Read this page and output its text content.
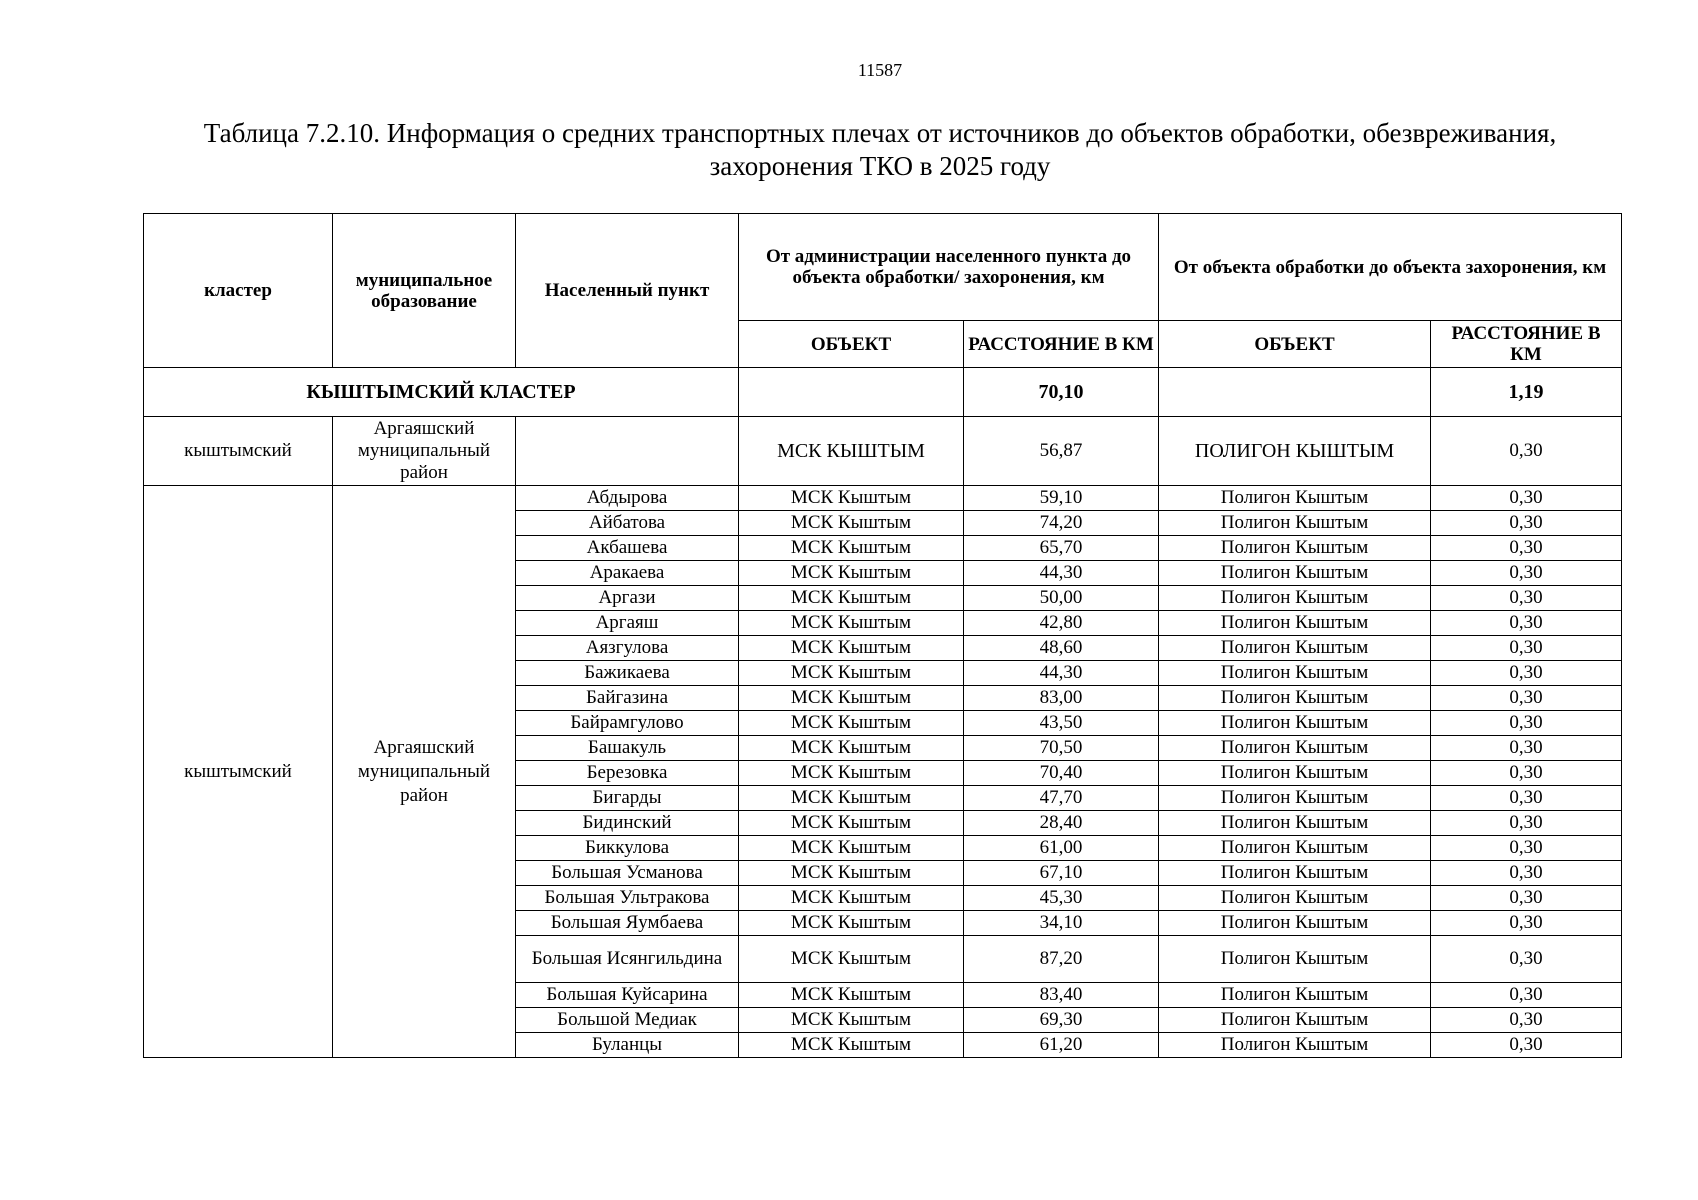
11587
Таблица 7.2.10. Информация о средних транспортных плечах от источников до объектов обработки, обезвреживания,
захоронения ТКО в 2025 году
кластер	муниципальное образование	Населенный пункт	От администрации населенного пункта до объекта обработки/ захоронения, км		От объекта обработки до объекта захоронения, км	
			ОБЪЕКТ	РАССТОЯНИЕ В КМ	ОБЪЕКТ	РАССТОЯНИЕ В КМ
КЫШТЫМСКИЙ КЛАСТЕР				70,10		1,19
кыштымский	Аргаяшский муниципальный район		МСК КЫШТЫМ	56,87	ПОЛИГОН КЫШТЫМ	0,30
кыштымский	Аргаяшский муниципальный район	Абдырова	МСК Кыштым	59,10	Полигон Кыштым	0,30
		Айбатова	МСК Кыштым	74,20	Полигон Кыштым	0,30
		Акбашева	МСК Кыштым	65,70	Полигон Кыштым	0,30
		Аракаева	МСК Кыштым	44,30	Полигон Кыштым	0,30
		Аргази	МСК Кыштым	50,00	Полигон Кыштым	0,30
		Аргаяш	МСК Кыштым	42,80	Полигон Кыштым	0,30
		Аязгулова	МСК Кыштым	48,60	Полигон Кыштым	0,30
		Бажикаева	МСК Кыштым	44,30	Полигон Кыштым	0,30
		Байгазина	МСК Кыштым	83,00	Полигон Кыштым	0,30
		Байрамгулово	МСК Кыштым	43,50	Полигон Кыштым	0,30
		Башакуль	МСК Кыштым	70,50	Полигон Кыштым	0,30
		Березовка	МСК Кыштым	70,40	Полигон Кыштым	0,30
		Бигарды	МСК Кыштым	47,70	Полигон Кыштым	0,30
		Бидинский	МСК Кыштым	28,40	Полигон Кыштым	0,30
		Биккулова	МСК Кыштым	61,00	Полигон Кыштым	0,30
		Большая Усманова	МСК Кыштым	67,10	Полигон Кыштым	0,30
		Большая Ультракова	МСК Кыштым	45,30	Полигон Кыштым	0,30
		Большая Яумбаева	МСК Кыштым	34,10	Полигон Кыштым	0,30
		Большая Исянгильдина	МСК Кыштым	87,20	Полигон Кыштым	0,30
		Большая Куйсарина	МСК Кыштым	83,40	Полигон Кыштым	0,30
		Большой Медиак	МСК Кыштым	69,30	Полигон Кыштым	0,30
		Буланцы	МСК Кыштым	61,20	Полигон Кыштым	0,30
